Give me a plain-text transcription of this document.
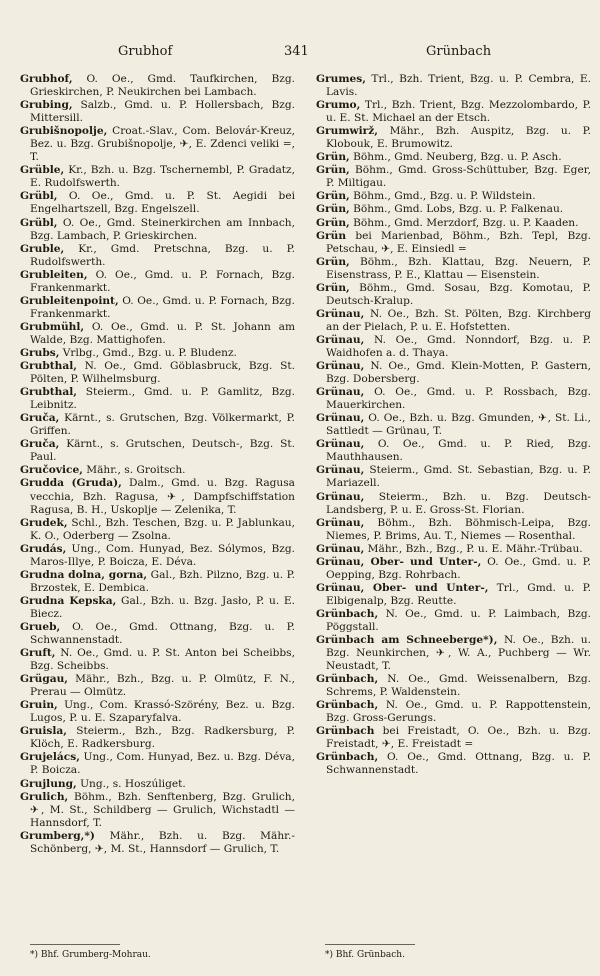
Grubhof	341	Grünbach
Grubhof, O. Oe., Gmd. Taufkirchen, Bzg. Grieskirchen, P. Neukirchen bei Lambach.
Grubing, Salzb., Gmd. u. P. Hollersbach, Bzg. Mittersill.
Grubišnopolje, Croat.-Slav., Com. Belovár-Kreuz, Bez. u. Bzg. Grubišnopolje, ✈, E. Zdenci veliki =, T.
Grüble, Kr., Bzh. u. Bzg. Tschernembl, P. Gradatz, E. Rudolfswerth.
Grübl, O. Oe., Gmd. u. P. St. Aegidi bei Engelhartszell, Bzg. Engelszell.
Grübl, O. Oe., Gmd. Steinerkirchen am Innbach, Bzg. Lambach, P. Grieskirchen.
Gruble, Kr., Gmd. Pretschna, Bzg. u. P. Rudolfswerth.
Grubleiten, O. Oe., Gmd. u. P. Fornach, Bzg. Frankenmarkt.
Grubleitenpoint, O. Oe., Gmd. u. P. Fornach, Bzg. Frankenmarkt.
Grubmühl, O. Oe., Gmd. u. P. St. Johann am Walde, Bzg. Mattighofen.
Grubs, Vrlbg., Gmd., Bzg. u. P. Bludenz.
Grubthal, N. Oe., Gmd. Göblasbruck, Bzg. St. Pölten, P. Wilhelmsburg.
Grubthal, Steierm., Gmd. u. P. Gamlitz, Bzg. Leibnitz.
Gruča, Kärnt., s. Grutschen, Bzg. Völkermarkt, P. Griffen.
Gruča, Kärnt., s. Grutschen, Deutsch-, Bzg. St. Paul.
Gručovice, Mähr., s. Groitsch.
Grudda (Gruda), Dalm., Gmd. u. Bzg. Ragusa vecchia, Bzh. Ragusa, ✈, Dampfschiffstation Ragusa, B. H., Uskoplje — Zelenika, T.
Grudek, Schl., Bzh. Teschen, Bzg. u. P. Jablunkau, K. O., Oderberg — Zsolna.
Grudás, Ung., Com. Hunyad, Bez. Sólymos, Bzg. Maros-Illye, P. Boicza, E. Déva.
Grudna dolna, gorna, Gal., Bzh. Pilzno, Bzg. u. P. Brzostek, E. Dembica.
Grudna Kepska, Gal., Bzh. u. Bzg. Jasło, P. u. E. Biecz.
Grueb, O. Oe., Gmd. Ottnang, Bzg. u. P. Schwannenstadt.
Gruft, N. Oe., Gmd. u. P. St. Anton bei Scheibbs, Bzg. Scheibbs.
Grügau, Mähr., Bzh., Bzg. u. P. Olmütz, F. N., Prerau — Olmütz.
Gruin, Ung., Com. Krassó-Szörény, Bez. u. Bzg. Lugos, P. u. E. Szaparyfalva.
Gruisla, Steierm., Bzh., Bzg. Radkersburg, P. Klöch, E. Radkersburg.
Grujelács, Ung., Com. Hunyad, Bez. u. Bzg. Déva, P. Boicza.
Grujlung, Ung., s. Hoszúliget.
Grulich, Böhm., Bzh. Senftenberg, Bzg. Grulich, ✈, M. St., Schildberg — Grulich, Wichstadtl — Hannsdorf, T.
Grumberg,*) Mähr., Bzh. u. Bzg. Mähr.-Schönberg, ✈, M. St., Hannsdorf — Grulich, T.
Grumes, Trl., Bzh. Trient, Bzg. u. P. Cembra, E. Lavis.
Grumo, Trl., Bzh. Trient, Bzg. Mezzolombardo, P. u. E. St. Michael an der Etsch.
Grumwirž, Mähr., Bzh. Auspitz, Bzg. u. P. Klobouk, E. Brumowitz.
Grün, Böhm., Gmd. Neuberg, Bzg. u. P. Asch.
Grün, Böhm., Gmd. Gross-Schüttuber, Bzg. Eger, P. Miltigau.
Grün, Böhm., Gmd., Bzg. u. P. Wildstein.
Grün, Böhm., Gmd. Lobs, Bzg. u. P. Falkenau.
Grün, Böhm., Gmd. Merzdorf, Bzg. u. P. Kaaden.
Grün bei Marienbad, Böhm., Bzh. Tepl, Bzg. Petschau, ✈, E. Einsiedl =
Grün, Böhm., Bzh. Klattau, Bzg. Neuern, P. Eisenstrass, P. E., Klattau — Eisenstein.
Grün, Böhm., Gmd. Sosau, Bzg. Komotau, P. Deutsch-Kralup.
Grünau, N. Oe., Bzh. St. Pölten, Bzg. Kirchberg an der Pielach, P. u. E. Hofstetten.
Grünau, N. Oe., Gmd. Nonndorf, Bzg. u. P. Waidhofen a. d. Thaya.
Grünau, N. Oe., Gmd. Klein-Motten, P. Gastern, Bzg. Dobersberg.
Grünau, O. Oe., Gmd. u. P. Rossbach, Bzg. Mauerkirchen.
Grünau, O. Oe., Bzh. u. Bzg. Gmunden, ✈, St. Li., Sattledt — Grünau, T.
Grünau, O. Oe., Gmd. u. P. Ried, Bzg. Mauthhausen.
Grünau, Steierm., Gmd. St. Sebastian, Bzg. u. P. Mariazell.
Grünau, Steierm., Bzh. u. Bzg. Deutsch-Landsberg, P. u. E. Gross-St. Florian.
Grünau, Böhm., Bzh. Böhmisch-Leipa, Bzg. Niemes, P. Brims, Au. T., Niemes — Rosenthal.
Grünau, Mähr., Bzh., Bzg., P. u. E. Mähr.-Trübau.
Grünau, Ober- und Unter-, O. Oe., Gmd. u. P. Oepping, Bzg. Rohrbach.
Grünau, Ober- und Unter-, Trl., Gmd. u. P. Elbigenalp, Bzg. Reutte.
Grünbach, N. Oe., Gmd. u. P. Laimbach, Bzg. Pöggstall.
Grünbach am Schneeberge*), N. Oe., Bzh. u. Bzg. Neunkirchen, ✈, W. A., Puchberg — Wr. Neustadt, T.
Grünbach, N. Oe., Gmd. Weissenalbern, Bzg. Schrems, P. Waldenstein.
Grünbach, N. Oe., Gmd. u. P. Rappottenstein, Bzg. Gross-Gerungs.
Grünbach bei Freistadt, O. Oe., Bzh. u. Bzg. Freistadt, ✈, E. Freistadt =
Grünbach, O. Oe., Gmd. Ottnang, Bzg. u. P. Schwannenstadt.
*) Bhf. Grumberg-Mohrau.	*) Bhf. Grünbach.
